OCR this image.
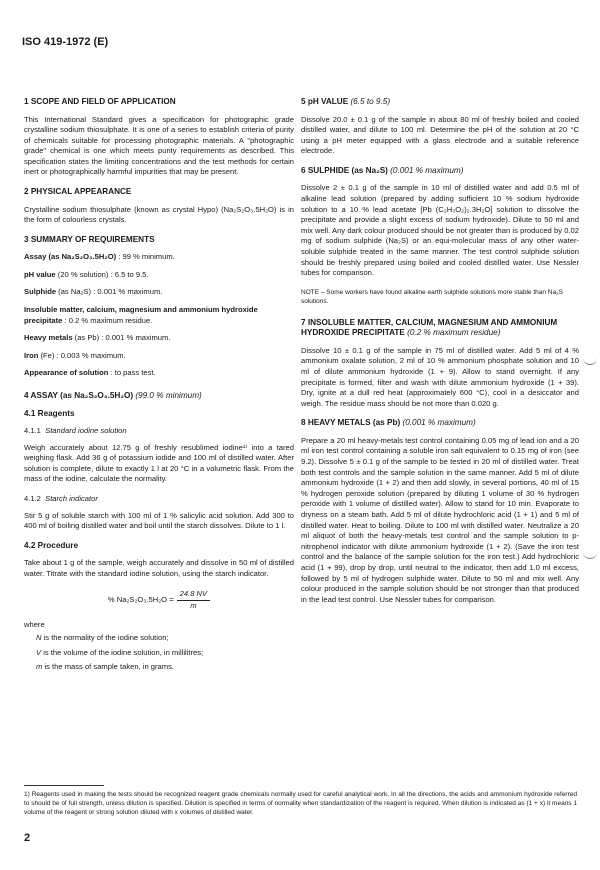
ISO 419-1972 (E)
1 SCOPE AND FIELD OF APPLICATION

This International Standard gives a specification for photographic grade crystalline sodium thiosulphate. It is one of a series to establish criteria of purity of chemicals suitable for processing photographic materials. A "photographic grade" chemical is one which meets purity requirements as described. This specification states the limiting concentrations and the test methods for certain inert or photographically harmful impurities that may be present.

2 PHYSICAL APPEARANCE

Crystalline sodium thiosulphate (known as crystal Hypo) (Na₂S₂O₃.5H₂O) is in the form of colourless crystals.

3 SUMMARY OF REQUIREMENTS
Assay (as Na₂S₂O₃.5H₂O) : 99 % minimum.
pH value (20 % solution) : 6.5 to 9.5.
Sulphide (as Na₂S) : 0.001 % maximum.
Insoluble matter, calcium, magnesium and ammonium hydroxide precipitate : 0.2 % maximum residue.
Heavy metals (as Pb) : 0.001 % maximum.
Iron (Fe) : 0.003 % maximum.
Appearance of solution : to pass test.
4 ASSAY (as Na₂S₂O₃.5H₂O) (99.0 % minimum)
4.1 Reagents
4.1.1 Standard iodine solution

Weigh accurately about 12.75 g of freshly resublimed iodine¹⁾ into a tared weighing flask. Add 36 g of potassium iodide and 100 ml of distilled water. After solution is complete, dilute to exactly 1 l at 20 °C in a volumetric flask. From the mass of the iodine, calculate the normality.

4.1.2 Starch indicator

Stir 5 g of soluble starch with 100 ml of 1 % salicylic acid solution. Add 300 to 400 ml of boiling distilled water and boil until the starch dissolves. Dilute to 1 l.

4.2 Procedure

Take about 1 g of the sample, weigh accurately and dissolve in 50 ml of distilled water. Titrate with the standard iodine solution, using the starch indicator.

% $Na_2S_2O_3.5H_2O = \frac{24.8 NV}{m}$
where
N is the normality of the iodine solution;
V is the volume of the iodine solution, in millilitres;
m is the mass of sample taken, in grams.
5 pH VALUE (6.5 to 9.5)

Dissolve 20.0 ± 0.1 g of the sample in about 80 ml of freshly boiled and cooled distilled water, and dilute to 100 ml. Determine the pH of the solution at 20 °C using a pH meter equipped with a glass electrode and a suitable reference electrode.

6 SULPHIDE (as Na₂S) (0.001 % maximum)

Dissolve 2 ± 0.1 g of the sample in 10 ml of distilled water and add 0.5 ml of alkaline lead solution (prepared by adding sufficient 10 % sodium hydroxide solution to a 10 % lead acetate [Pb (C₂H₃O₂)₂.3H₂O] solution to dissolve the precipitate and provide a slight excess of sodium hydroxide). Dilute to 50 ml and mix well. Any dark colour produced should be not greater than is produced by 0.02 mg of sodium sulphide (Na₂S) or an equi-molecular mass of any other water-soluble sulphide treated in the same manner. The test control sulphide solution should be freshly prepared using boiled and cooled distilled water. Use Nessler tubes for comparison.

NOTE – Some workers have found alkaline earth sulphide solutions more stable than Na₂S solutions.
7 INSOLUBLE MATTER, CALCIUM, MAGNESIUM AND AMMONIUM HYDROXIDE PRECIPITATE (0.2 % maximum residue)

Dissolve 10 ± 0.1 g of the sample in 75 ml of distilled water. Add 5 ml of 4 % ammonium oxalate solution, 2 ml of 10 % ammonium phosphate solution and 10 ml of dilute ammonium hydroxide (1 + 9). Allow to stand overnight. If any precipitate is formed, filter and wash with dilute ammonium hydroxide (1 + 39). Dry, ignite at a dull red heat (approximately 600 °C), cool in a desiccator and weigh. The residue mass should be not more than 0.020 g.

8 HEAVY METALS (as Pb) (0.001 % maximum)

Prepare a 20 ml heavy-metals test control containing 0.05 mg of lead ion and a 20 ml iron test control containing a soluble iron salt equivalent to 0.15 mg of iron (see 9.2). Dissolve 5 ± 0.1 g of the sample to be tested in 20 ml of distilled water. Treat both test controls and the sample solution in the same manner. Add 5 ml of dilute ammonium hydroxide (1 + 2) and then add slowly, in several portions, 40 ml of 15 % hydrogen peroxide solution (prepared by diluting 1 volume of 30 % hydrogen peroxide with 1 volume of distilled water). Allow to stand for 10 min. Evaporate to dryness on a steam bath. Add 5 ml of dilute hydrochloric acid (1 + 1) and 5 ml of distilled water. Heat to boiling. Dilute to 100 ml with distilled water. Neutralize a 20 ml aliquot of both the heavy-metals test control and the sample solution to p-nitrophenol indicator with dilute ammonium hydroxide (1 + 2). (Save the iron test control and the balance of the sample solution for the iron test.) Add hydrochloric acid (1 + 99), drop by drop, until neutral to the indicator, then add 1.0 ml excess, followed by 5 ml of hydrogen sulphide water. Dilute to 50 ml and mix well. Any colour produced in the sample solution should be not stronger than that produced in the lead test control. Use Nessler tubes for comparison.

1) Reagents used in making the tests should be recognized reagent grade chemicals normally used for careful analytical work. In all the directions, the acids and ammonium hydroxide referred to should be of full strength, unless dilution is specified. Dilution is specified in terms of normality when standardization of the reagent is required. When dilution is indicated as (1 + x) it means 1 volume of the reagent or strong solution diluted with x volumes of distilled water.
2
